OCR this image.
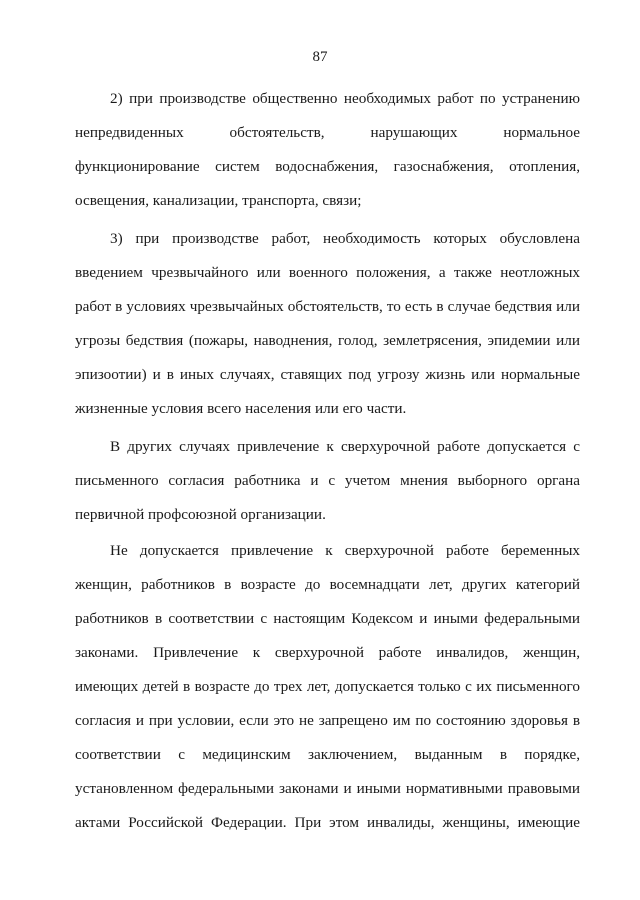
87
2) при производстве общественно необходимых работ по устранению
непредвиденных обстоятельств, нарушающих нормальное
функционирование систем водоснабжения, газоснабжения, отопления,
освещения, канализации, транспорта, связи;
3) при производстве работ, необходимость которых обусловлена
введением чрезвычайного или военного положения, а также неотложных
работ в условиях чрезвычайных обстоятельств, то есть в случае бедствия или
угрозы бедствия (пожары, наводнения, голод, землетрясения, эпидемии или
эпизоотии) и в иных случаях, ставящих под угрозу жизнь или нормальные
жизненные условия всего населения или его части.
В других случаях привлечение к сверхурочной работе допускается с
письменного согласия работника и с учетом мнения выборного органа
первичной профсоюзной организации.
Не допускается привлечение к сверхурочной работе беременных
женщин, работников в возрасте до восемнадцати лет, других категорий
работников в соответствии с настоящим Кодексом и иными федеральными
законами. Привлечение к сверхурочной работе инвалидов, женщин,
имеющих детей в возрасте до трех лет, допускается только с их письменного
согласия и при условии, если это не запрещено им по состоянию здоровья в
соответствии с медицинским заключением, выданным в порядке,
установленном федеральными законами и иными нормативными правовыми
актами Российской Федерации. При этом инвалиды, женщины, имеющие
